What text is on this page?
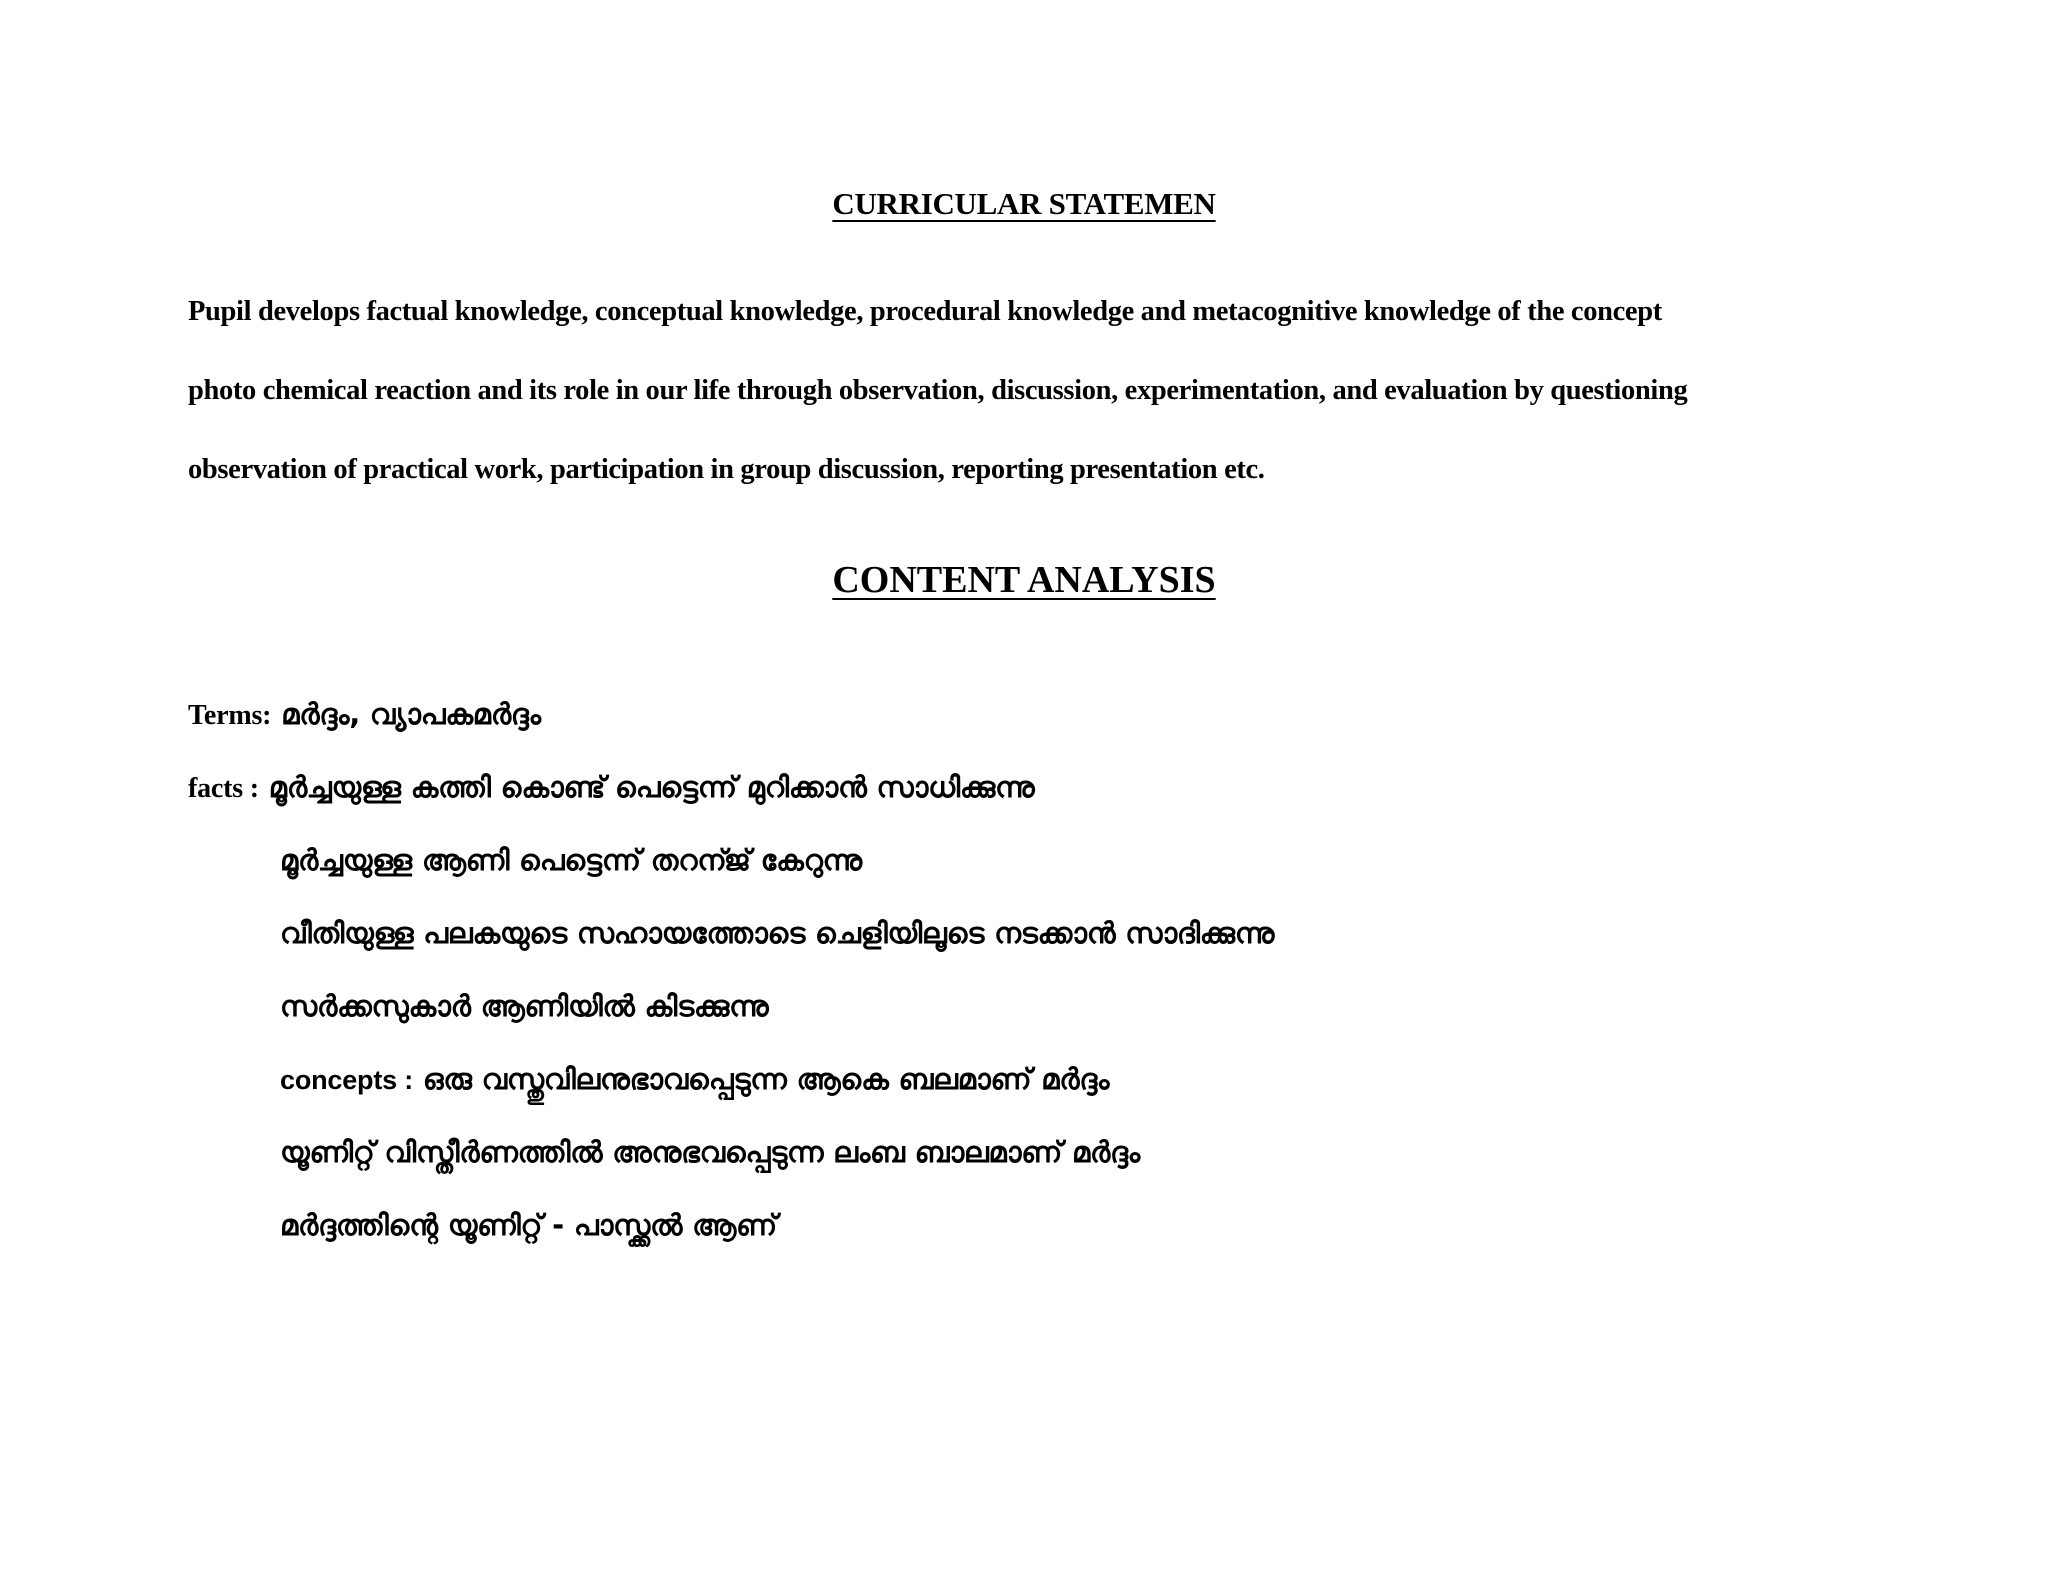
CURRICULAR STATEMEN

Pupil develops factual knowledge, conceptual knowledge, procedural knowledge and metacognitive knowledge of the concept

photo chemical reaction and its role in our life through observation, discussion, experimentation, and evaluation by questioning

observation of practical work, participation in group discussion, reporting presentation etc.

CONTENT ANALYSIS

Terms: മർദ്ദം, വ്യാപകമർദ്ദം

facts : മൂർച്ചയുള്ള കത്തി കൊണ്ട് പെട്ടെന്ന് മുറിക്കാൻ സാധിക്കുന്നു

മൂർച്ചയുള്ള ആണി പെട്ടെന്ന് തറന്ജ് കേറുന്നു

വീതിയുള്ള പലകയുടെ സഹായത്തോടെ ചെളിയിലൂടെ നടക്കാൻ സാദിക്കുന്നു

സർക്കസുകാർ ആണിയിൽ കിടക്കുന്നു

concepts : ഒരു വസ്തുവിലനുഭാവപ്പെടുന്ന ആകെ ബലമാണ് മർദ്ദം

യൂണിറ്റ് വിസ്തീർണത്തിൽ അനുഭവപ്പെടുന്ന ലംബ ബാലമാണ് മർദ്ദം

മർദ്ദത്തിന്റെ യൂണിറ്റ് - പാസ്ക്കൽ ആണ്
